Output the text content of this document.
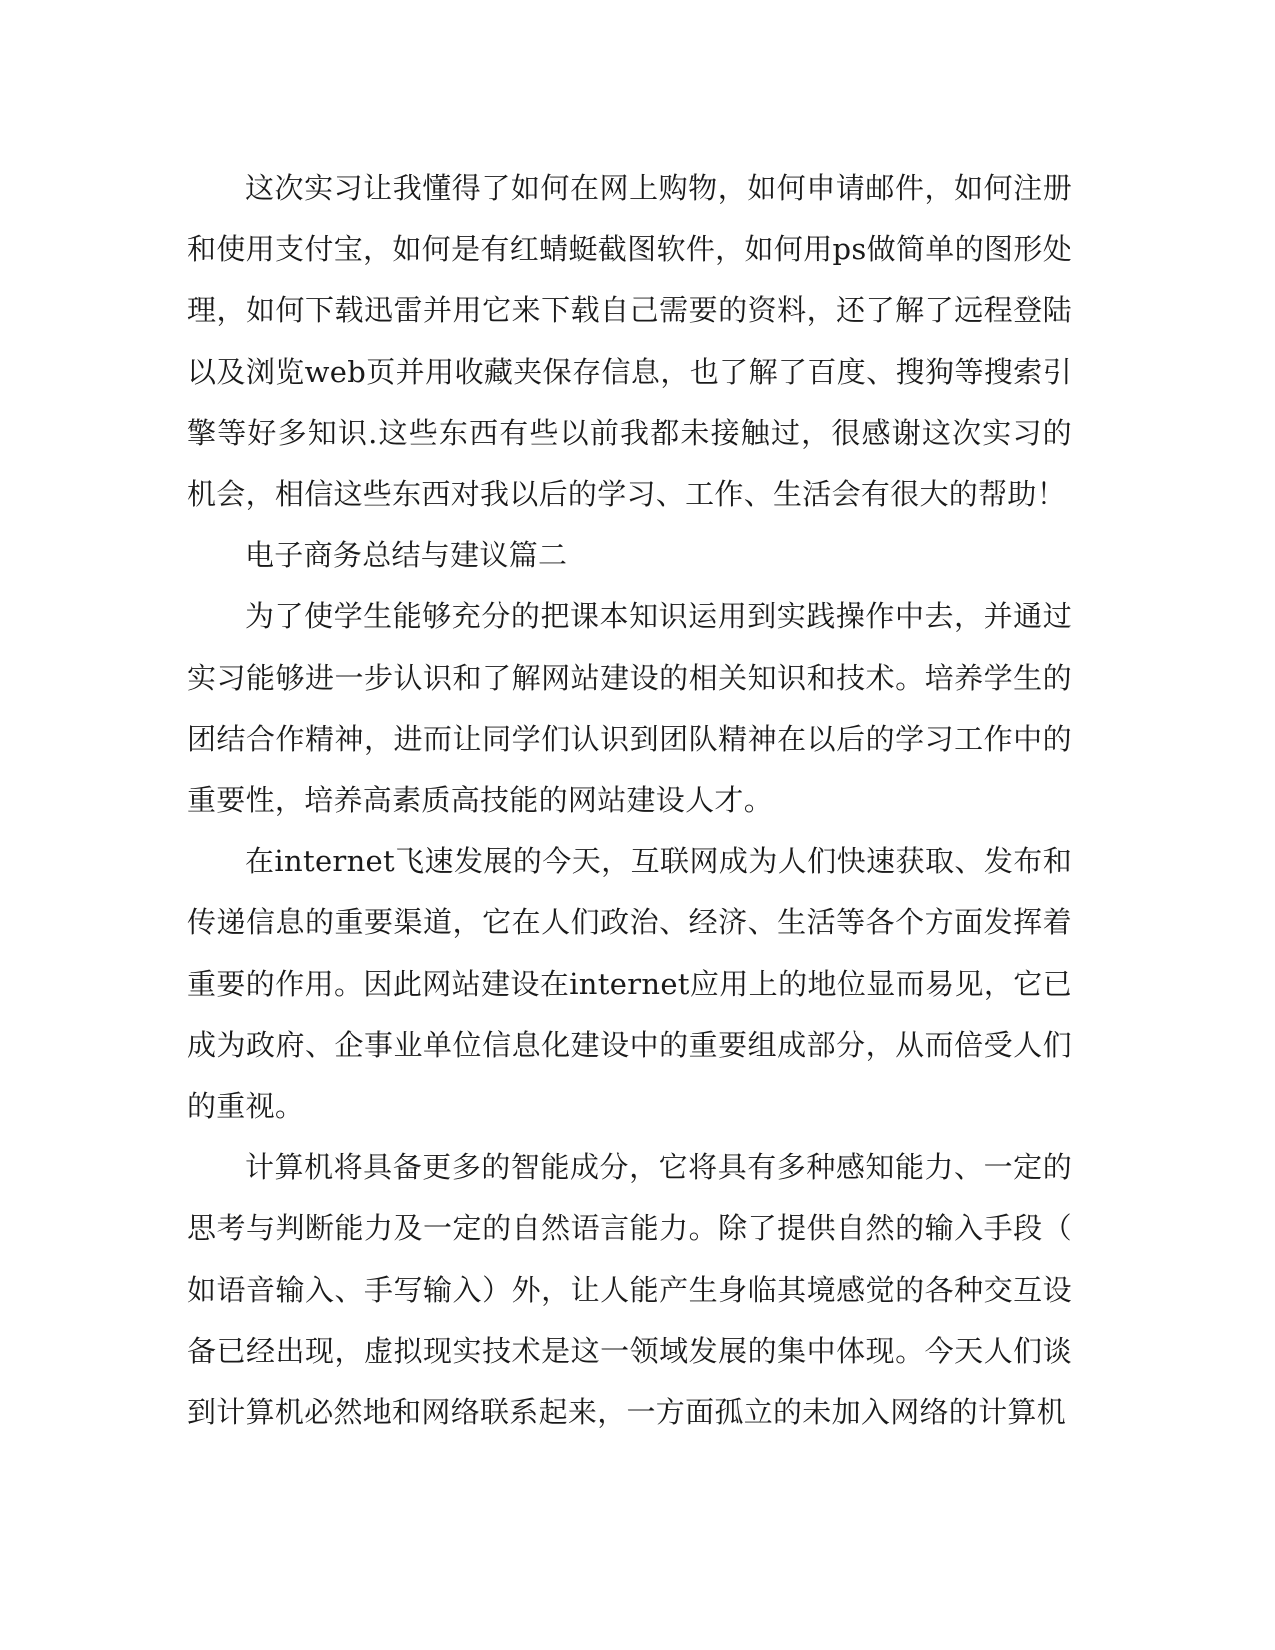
这次实习让我懂得了如何在网上购物，如何申请邮件，如何注册和使用支付宝，如何是有红蜻蜓截图软件，如何用ps做简单的图形处理，如何下载迅雷并用它来下载自己需要的资料，还了解了远程登陆以及浏览web页并用收藏夹保存信息，也了解了百度、搜狗等搜索引擎等好多知识.这些东西有些以前我都未接触过，很感谢这次实习的机会，相信这些东西对我以后的学习、工作、生活会有很大的帮助！

电子商务总结与建议篇二

为了使学生能够充分的把课本知识运用到实践操作中去，并通过实习能够进一步认识和了解网站建设的相关知识和技术。培养学生的团结合作精神，进而让同学们认识到团队精神在以后的学习工作中的重要性，培养高素质高技能的网站建设人才。

在internet飞速发展的今天，互联网成为人们快速获取、发布和传递信息的重要渠道，它在人们政治、经济、生活等各个方面发挥着重要的作用。因此网站建设在internet应用上的地位显而易见，它已成为政府、企事业单位信息化建设中的重要组成部分，从而倍受人们的重视。

计算机将具备更多的智能成分，它将具有多种感知能力、一定的思考与判断能力及一定的自然语言能力。除了提供自然的输入手段（如语音输入、手写输入）外，让人能产生身临其境感觉的各种交互设备已经出现，虚拟现实技术是这一领域发展的集中体现。今天人们谈到计算机必然地和网络联系起来，一方面孤立的未加入网络的计算机
